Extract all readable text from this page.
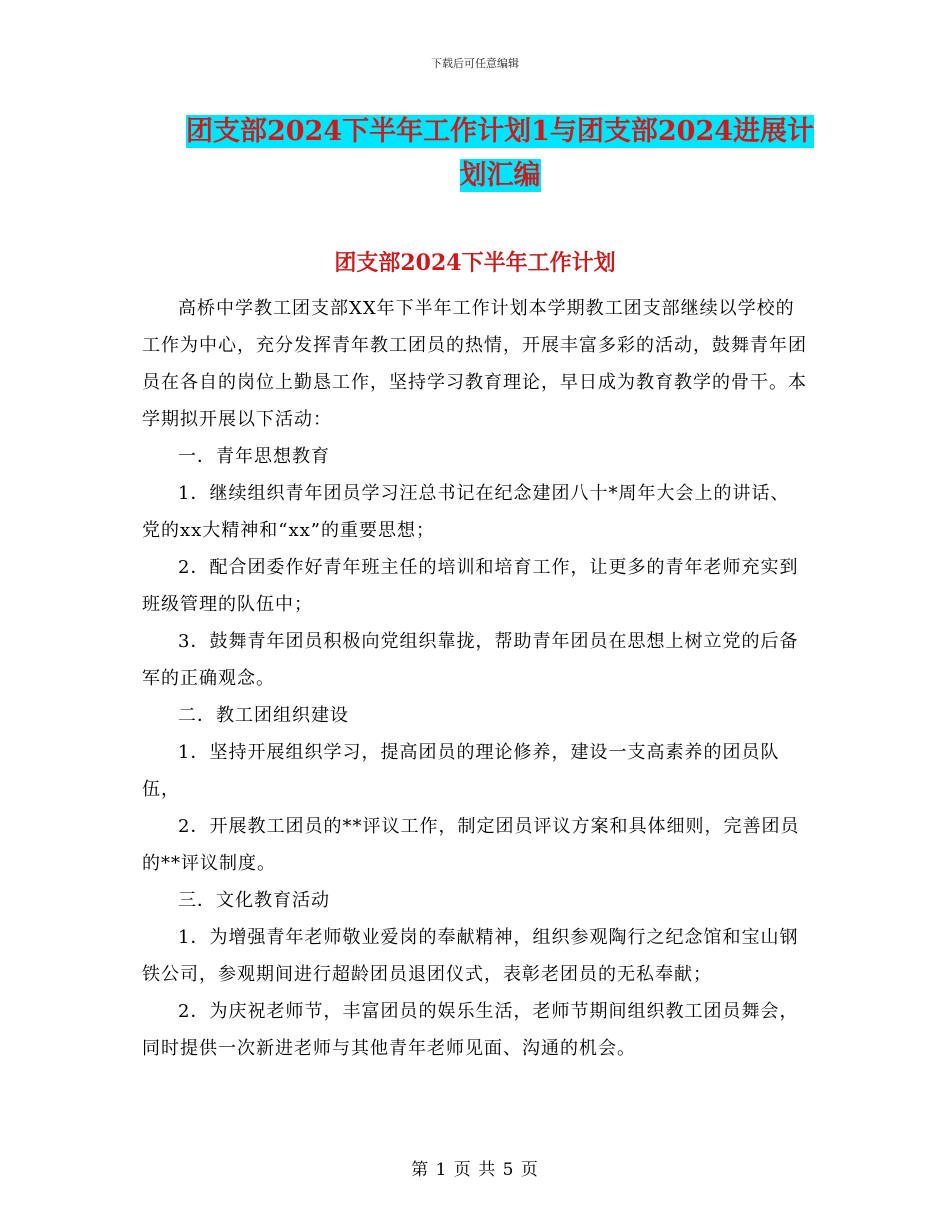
下载后可任意编辑
团支部2024下半年工作计划1与团支部2024进展计
划汇编
团支部2024下半年工作计划

高桥中学教工团支部XX年下半年工作计划本学期教工团支部继续以学校的工作为中心，充分发挥青年教工团员的热情，开展丰富多彩的活动，鼓舞青年团员在各自的岗位上勤恳工作，坚持学习教育理论，早日成为教育教学的骨干。本学期拟开展以下活动：

一．青年思想教育

1．继续组织青年团员学习汪总书记在纪念建团八十*周年大会上的讲话、党的xx大精神和“xx”的重要思想；

2．配合团委作好青年班主任的培训和培育工作，让更多的青年老师充实到班级管理的队伍中；

3．鼓舞青年团员积极向党组织靠拢，帮助青年团员在思想上树立党的后备军的正确观念。

二．教工团组织建设

1．坚持开展组织学习，提高团员的理论修养，建设一支高素养的团员队伍，

2．开展教工团员的**评议工作，制定团员评议方案和具体细则，完善团员的**评议制度。

三．文化教育活动

1．为增强青年老师敬业爱岗的奉献精神，组织参观陶行之纪念馆和宝山钢铁公司，参观期间进行超龄团员退团仪式，表彰老团员的无私奉献；

2．为庆祝老师节，丰富团员的娱乐生活，老师节期间组织教工团员舞会，同时提供一次新进老师与其他青年老师见面、沟通的机会。

第 1 页 共 5 页
